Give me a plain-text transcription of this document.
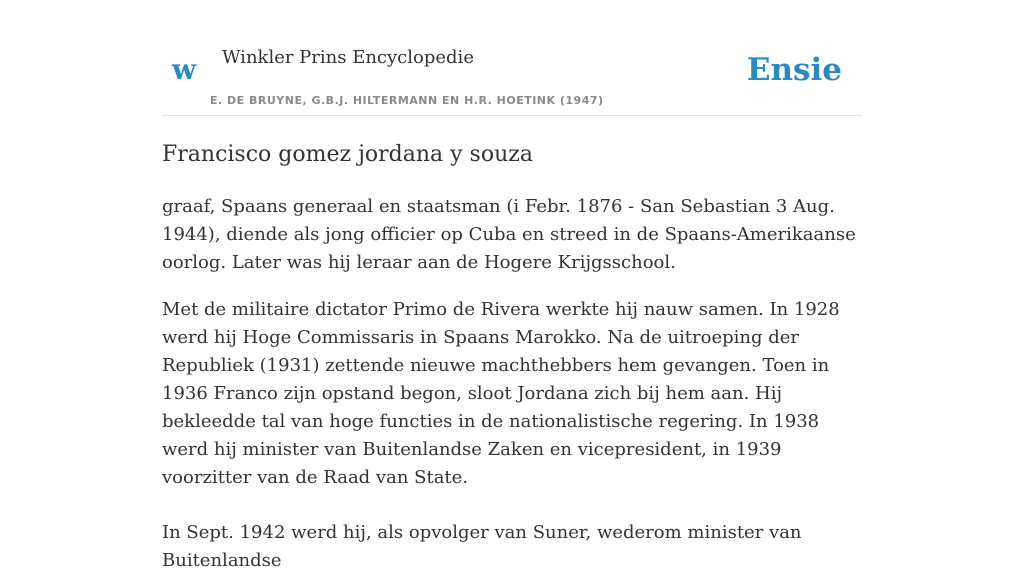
w Winkler Prins Encyclopedie
E. DE BRUYNE, G.B.J. HILTERMANN EN H.R. HOETINK (1947)
Ensie
Francisco gomez jordana y souza

graaf, Spaans generaal en staatsman (i Febr. 1876 - San Sebastian 3 Aug. 1944), diende als jong officier op Cuba en streed in de Spaans-Amerikaanse oorlog. Later was hij leraar aan de Hogere Krijgsschool.

Met de militaire dictator Primo de Rivera werkte hij nauw samen. In 1928 werd hij Hoge Commissaris in Spaans Marokko. Na de uitroeping der Republiek (1931) zettende nieuwe machthebbers hem gevangen. Toen in 1936 Franco zijn opstand begon, sloot Jordana zich bij hem aan. Hij bekleedde tal van hoge functies in de nationalistische regering. In 1938 werd hij minister van Buitenlandse Zaken en vicepresident, in 1939 voorzitter van de Raad van State.

In Sept. 1942 werd hij, als opvolger van Suner, wederom minister van Buitenlandse
